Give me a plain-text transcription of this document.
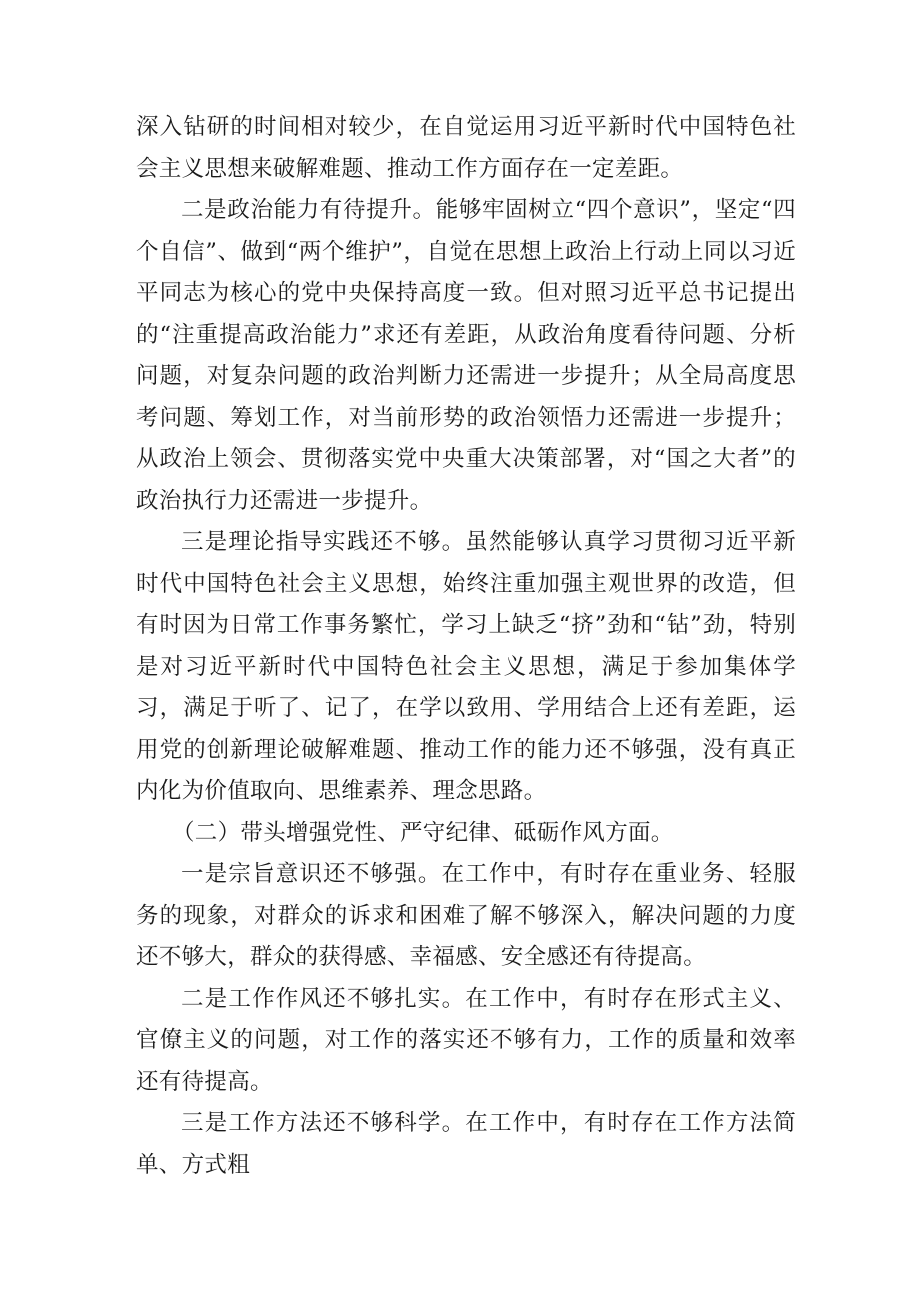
深入钻研的时间相对较少，在自觉运用习近平新时代中国特色社会主义思想来破解难题、推动工作方面存在一定差距。

二是政治能力有待提升。能够牢固树立“四个意识”，坚定“四个自信”、做到“两个维护”，自觉在思想上政治上行动上同以习近平同志为核心的党中央保持高度一致。但对照习近平总书记提出的“注重提高政治能力”求还有差距，从政治角度看待问题、分析问题，对复杂问题的政治判断力还需进一步提升；从全局高度思考问题、筹划工作，对当前形势的政治领悟力还需进一步提升；从政治上领会、贯彻落实党中央重大决策部署，对“国之大者”的政治执行力还需进一步提升。

三是理论指导实践还不够。虽然能够认真学习贯彻习近平新时代中国特色社会主义思想，始终注重加强主观世界的改造，但有时因为日常工作事务繁忙，学习上缺乏“挤”劲和“钻”劲，特别是对习近平新时代中国特色社会主义思想，满足于参加集体学习，满足于听了、记了，在学以致用、学用结合上还有差距，运用党的创新理论破解难题、推动工作的能力还不够强，没有真正内化为价值取向、思维素养、理念思路。

（二）带头增强党性、严守纪律、砥砺作风方面。

一是宗旨意识还不够强。在工作中，有时存在重业务、轻服务的现象，对群众的诉求和困难了解不够深入，解决问题的力度还不够大，群众的获得感、幸福感、安全感还有待提高。

二是工作作风还不够扎实。在工作中，有时存在形式主义、官僚主义的问题，对工作的落实还不够有力，工作的质量和效率还有待提高。

三是工作方法还不够科学。在工作中，有时存在工作方法简单、方式粗
